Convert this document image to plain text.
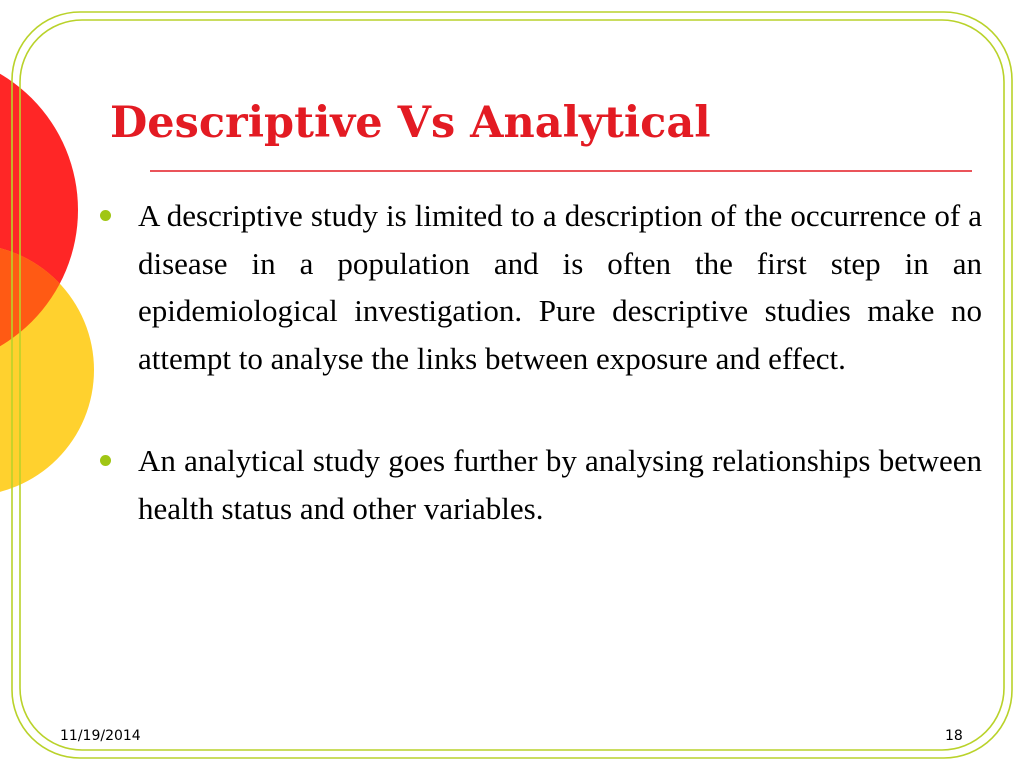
Descriptive Vs Analytical

A descriptive study is limited to a description of the occurrence of a disease in a population and is often the first step in an epidemiological investigation. Pure descriptive studies make no attempt to analyse the links between exposure and effect.

An analytical study goes further by analysing relationships between health status and other variables.

11/19/2014	18
